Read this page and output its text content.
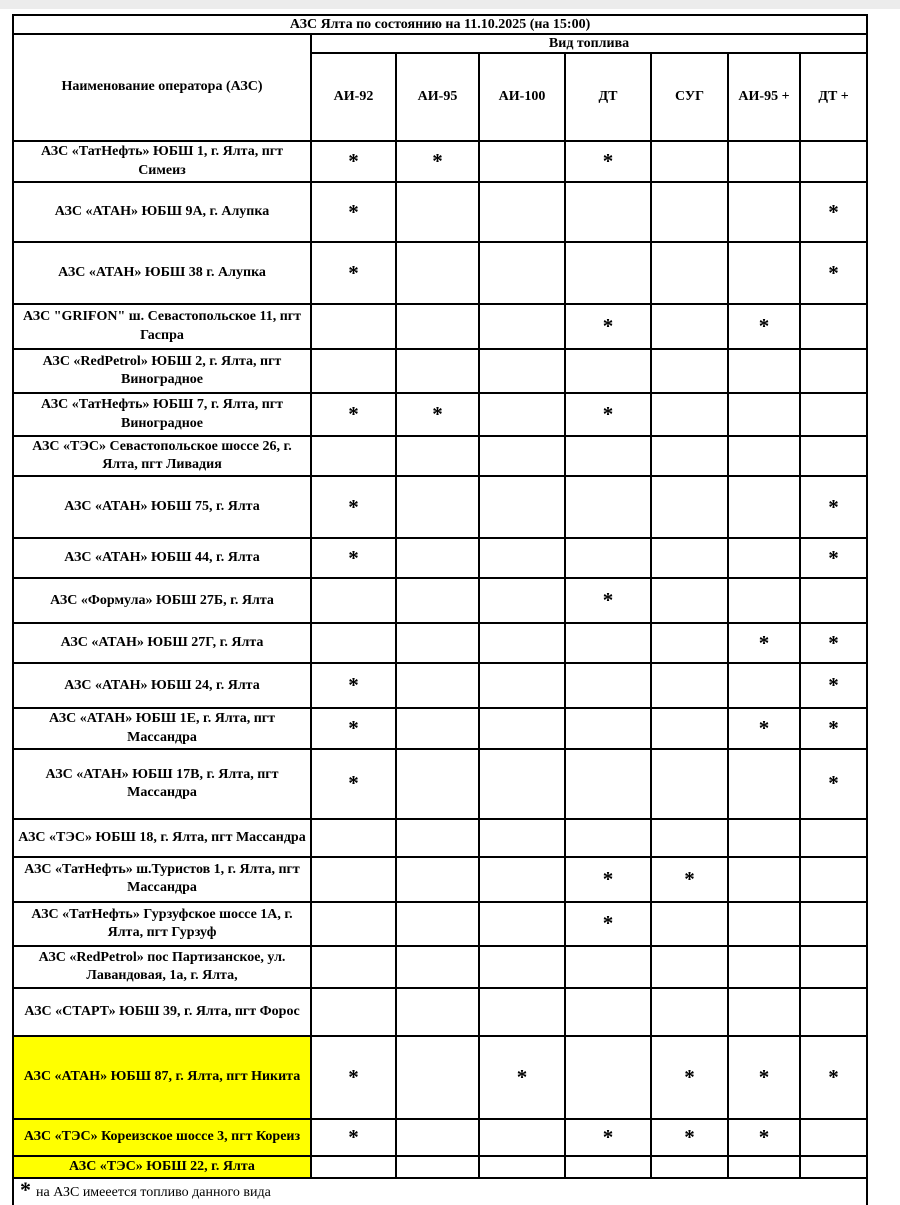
АЗС Ялта по состоянию на 11.10.2025 (на 15:00)							
Наименование оператора (АЗС)	Вид топлива						
	АИ-92	АИ-95	АИ-100	ДТ	СУГ	АИ-95 +	ДТ +
АЗС «ТатНефть» ЮБШ 1, г. Ялта, пгт Симеиз	*	*		*			
АЗС «АТАН» ЮБШ 9А, г. Алупка	*						*
АЗС «АТАН» ЮБШ 38 г. Алупка	*						*
АЗС "GRIFON" ш. Севастопольское 11, пгт Гаспра				*		*	
АЗС «RedPetrol» ЮБШ 2, г. Ялта, пгт Виноградное							
АЗС «ТатНефть» ЮБШ 7, г. Ялта, пгт Виноградное	*	*		*			
АЗС «ТЭС» Севастопольское шоссе 26, г. Ялта, пгт Ливадия							
АЗС «АТАН» ЮБШ 75, г. Ялта	*						*
АЗС «АТАН» ЮБШ 44, г. Ялта	*						*
АЗС «Формула» ЮБШ 27Б, г. Ялта				*			
АЗС «АТАН» ЮБШ 27Г, г. Ялта						*	*
АЗС «АТАН» ЮБШ 24, г. Ялта	*						*
АЗС «АТАН» ЮБШ 1Е, г. Ялта, пгт Массандра	*					*	*
АЗС «АТАН» ЮБШ 17В, г. Ялта, пгт Массандра	*						*
АЗС «ТЭС» ЮБШ 18, г. Ялта, пгт Массандра							
АЗС «ТатНефть» ш.Туристов 1, г. Ялта, пгт Массандра				*	*		
АЗС «ТатНефть» Гурзуфское шоссе 1А, г. Ялта, пгт Гурзуф				*			
АЗС «RedPetrol» пос Партизанское, ул. Лавандовая, 1а, г. Ялта,							
АЗС «СТАРТ» ЮБШ 39, г. Ялта, пгт Форос							
АЗС «АТАН» ЮБШ 87, г. Ялта, пгт Никита	*		*		*	*	*
АЗС «ТЭС» Кореизское шоссе 3, пгт Кореиз	*			*	*	*	
АЗС «ТЭС» ЮБШ 22, г. Ялта							
* на АЗС имееется топливо данного вида							
